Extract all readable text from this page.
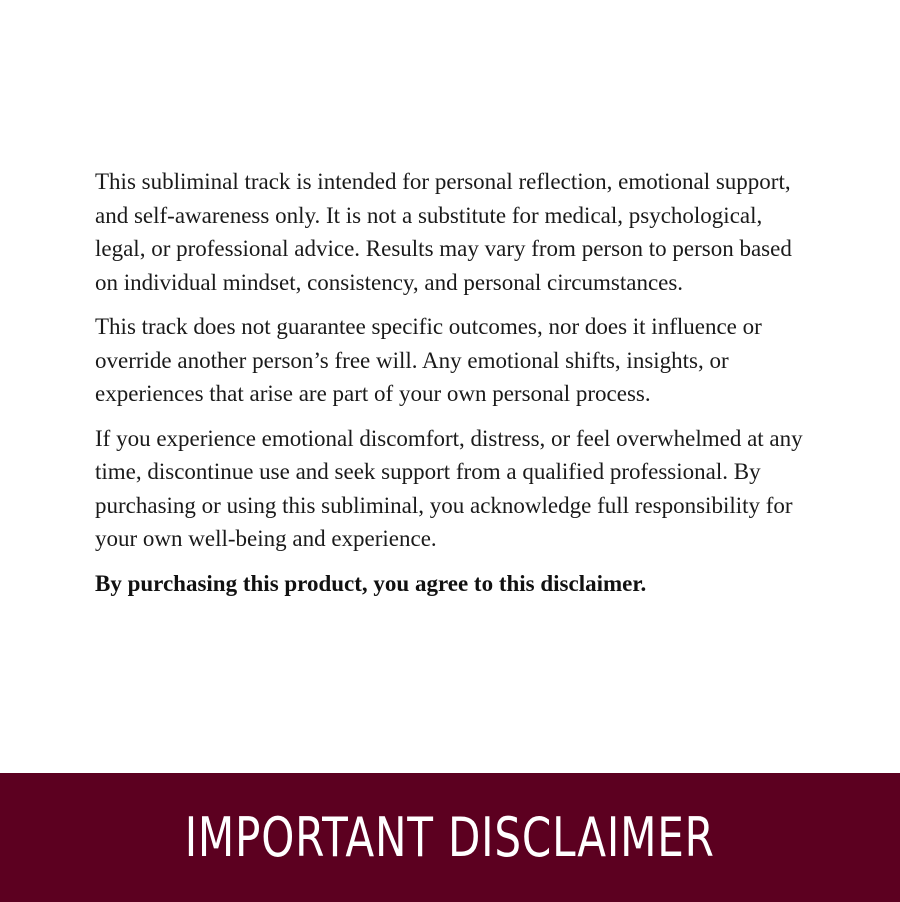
This subliminal track is intended for personal reflection, emotional support, and self-awareness only. It is not a substitute for medical, psychological, legal, or professional advice. Results may vary from person to person based on individual mindset, consistency, and personal circumstances.

This track does not guarantee specific outcomes, nor does it influence or override another person’s free will. Any emotional shifts, insights, or experiences that arise are part of your own personal process.

If you experience emotional discomfort, distress, or feel overwhelmed at any time, discontinue use and seek support from a qualified professional. By purchasing or using this subliminal, you acknowledge full responsibility for your own well-being and experience.

By purchasing this product, you agree to this disclaimer.

IMPORTANT DISCLAIMER
